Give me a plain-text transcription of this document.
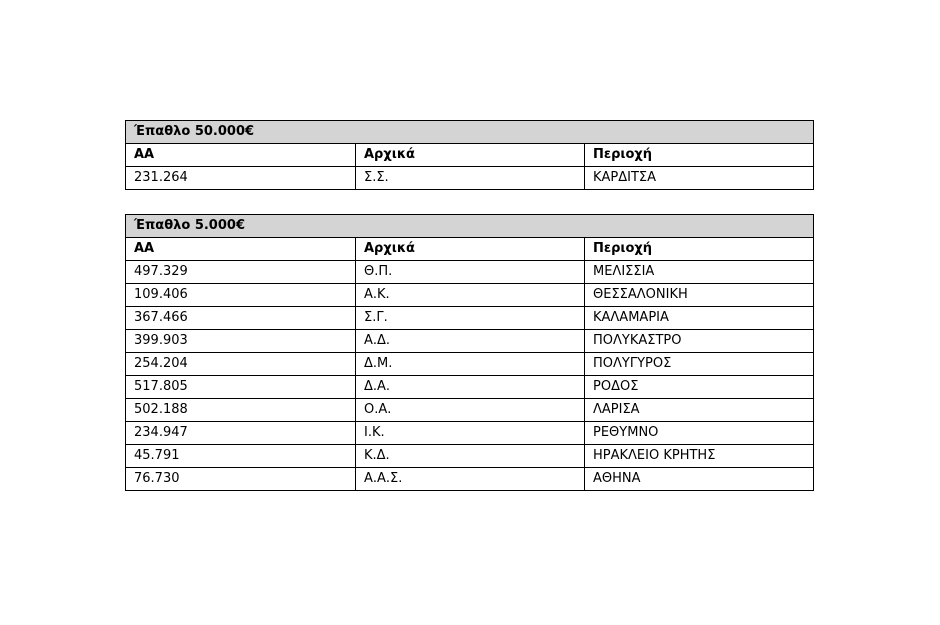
Έπαθλο 50.000€		
ΑΑ	Αρχικά	Περιοχή
231.264	Σ.Σ.	ΚΑΡΔΙΤΣΑ
Έπαθλο 5.000€		
ΑΑ	Αρχικά	Περιοχή
497.329	Θ.Π.	ΜΕΛΙΣΣΙΑ
109.406	Α.Κ.	ΘΕΣΣΑΛΟΝΙΚΗ
367.466	Σ.Γ.	ΚΑΛΑΜΑΡΙΑ
399.903	Α.Δ.	ΠΟΛΥΚΑΣΤΡΟ
254.204	Δ.Μ.	ΠΟΛΥΓΥΡΟΣ
517.805	Δ.Α.	ΡΟΔΟΣ
502.188	Ο.Α.	ΛΑΡΙΣΑ
234.947	Ι.Κ.	ΡΕΘΥΜΝΟ
45.791	Κ.Δ.	ΗΡΑΚΛΕΙΟ ΚΡΗΤΗΣ
76.730	Α.Α.Σ.	ΑΘΗΝΑ
